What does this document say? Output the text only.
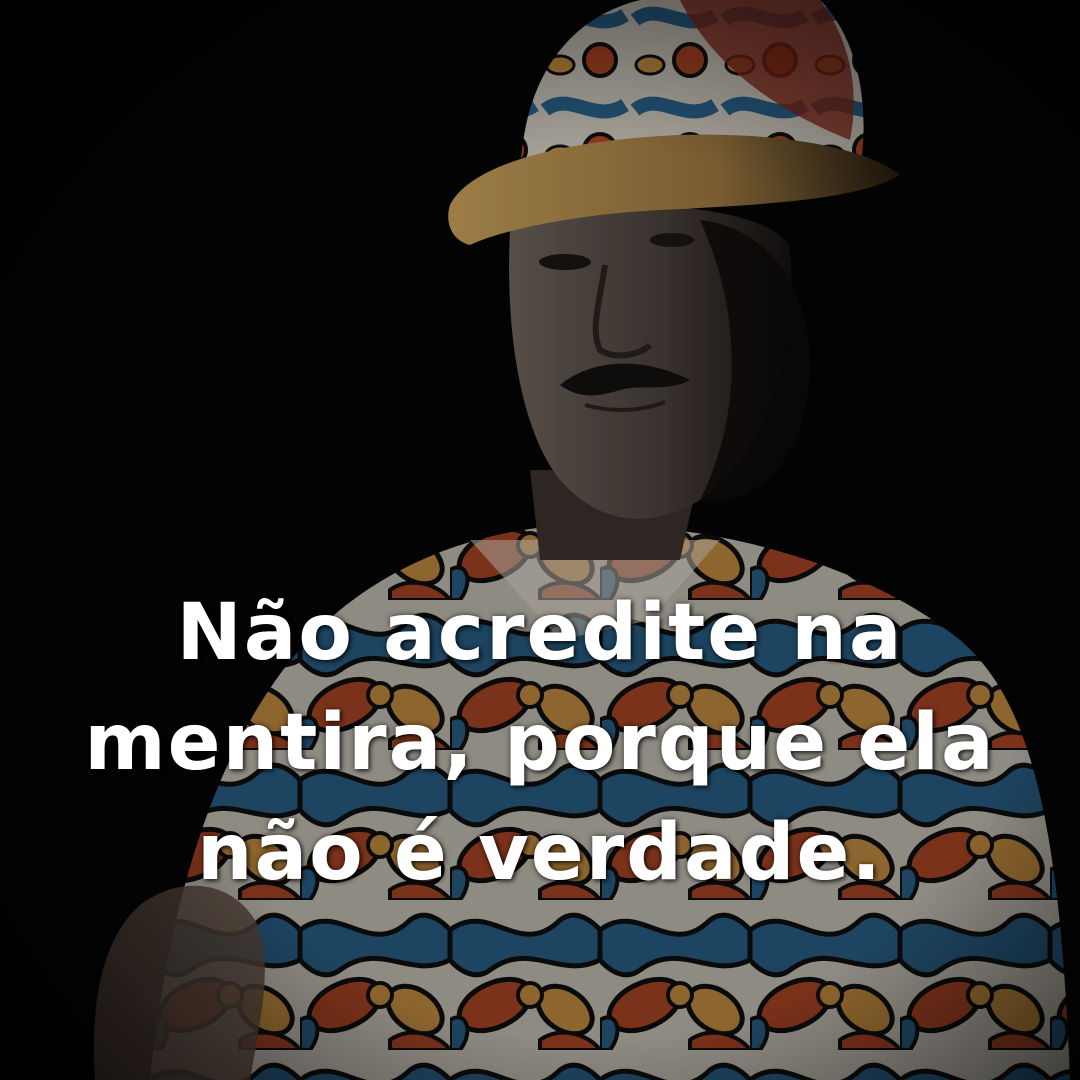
Não acredite na
mentira, porque ela
não é verdade.
